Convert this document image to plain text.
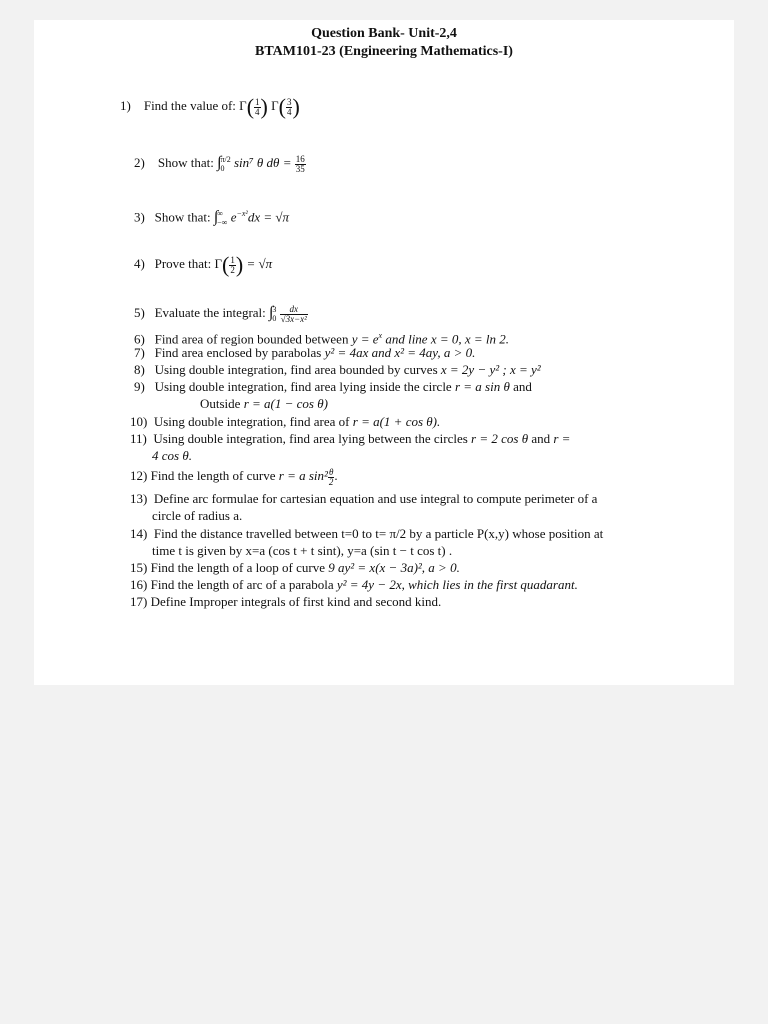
Question Bank- Unit-2,4
BTAM101-23 (Engineering Mathematics-I)
1) Find the value of: $\Gamma( \frac{1}{4}$ ) $\Gamma( \frac{3}{4}$ )
2) Show that: ∫ π/2
0 sin⁷ θ $d\theta = \frac{16}{35}$
3) Show that: ∫ ∞
−∞ $e^{-x^2}dx = √\pi$
4) Prove that: $\Gamma( \frac{1}{2}$ ) = √π
5) Evaluate the integral: ∫ 3
0
$\frac{dx}{\text{√3x−x²}}$
6) Find area of region bounded between $y = e^x$ and line x = 0, x = ln 2.
7) Find area enclosed by parabolas y² = 4ax and x² = 4ay, a > 0.
8) Using double integration, find area bounded by curves x = 2y − y² ; x = y²
9) Using double integration, find area lying inside the circle r = a sin θ and
Outside r = a(1 − cos θ)
10) Using double integration, find area of r = a(1 + cos θ).
11) Using double integration, find area lying between the circles r = 2 cos θ and r =
4 cos θ.
12) Find the length of curve r = a $\sin^2 \frac{\theta}{2}$ .
13) Define arc formulae for cartesian equation and use integral to compute perimeter of a
circle of radius a.
14) Find the distance travelled between t=0 to t= π/2 by a particle P(x,y) whose position at
time t is given by x=a (cos t + t sint), y=a (sin t − t cos t) .
15) Find the length of a loop of curve 9 ay² = x(x − 3a)², a > 0.
16) Find the length of arc of a parabola y² = 4y − 2x, which lies in the first quadarant.
17) Define Improper integrals of first kind and second kind.
